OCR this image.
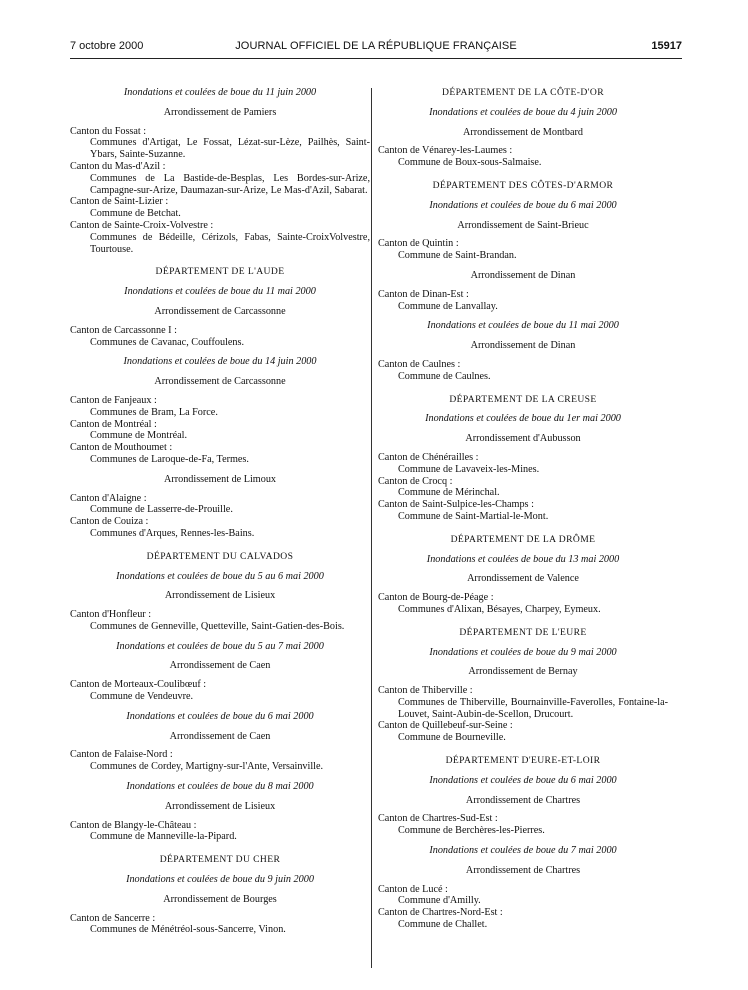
7 octobre 2000	JOURNAL OFFICIEL DE LA RÉPUBLIQUE FRANÇAISE	15917
Inondations et coulées de boue du 11 juin 2000
Arrondissement de Pamiers
Canton du Fossat :
Communes d'Artigat, Le Fossat, Lézat-sur-Lèze, Pailhès, Saint-Ybars, Sainte-Suzanne.
Canton du Mas-d'Azil :
Communes de La Bastide-de-Besplas, Les Bordes-sur-Arize, Campagne-sur-Arize, Daumazan-sur-Arize, Le Mas-d'Azil, Sabarat.
Canton de Saint-Lizier :
Commune de Betchat.
Canton de Sainte-Croix-Volvestre :
Communes de Bédeille, Cérizols, Fabas, Sainte-CroixVolvestre, Tourtouse.
DÉPARTEMENT DE L'AUDE
Inondations et coulées de boue du 11 mai 2000
Arrondissement de Carcassonne
Canton de Carcassonne I :
Communes de Cavanac, Couffoulens.
Inondations et coulées de boue du 14 juin 2000
Arrondissement de Carcassonne
Canton de Fanjeaux :
Communes de Bram, La Force.
Canton de Montréal :
Commune de Montréal.
Canton de Mouthoumet :
Communes de Laroque-de-Fa, Termes.
Arrondissement de Limoux
Canton d'Alaigne :
Commune de Lasserre-de-Prouille.
Canton de Couiza :
Communes d'Arques, Rennes-les-Bains.
DÉPARTEMENT DU CALVADOS
Inondations et coulées de boue du 5 au 6 mai 2000
Arrondissement de Lisieux
Canton d'Honfleur :
Communes de Genneville, Quetteville, Saint-Gatien-des-Bois.
Inondations et coulées de boue du 5 au 7 mai 2000
Arrondissement de Caen
Canton de Morteaux-Coulibœuf :
Commune de Vendeuvre.
Inondations et coulées de boue du 6 mai 2000
Arrondissement de Caen
Canton de Falaise-Nord :
Communes de Cordey, Martigny-sur-l'Ante, Versainville.
Inondations et coulées de boue du 8 mai 2000
Arrondissement de Lisieux
Canton de Blangy-le-Château :
Commune de Manneville-la-Pipard.
DÉPARTEMENT DU CHER
Inondations et coulées de boue du 9 juin 2000
Arrondissement de Bourges
Canton de Sancerre :
Communes de Ménétréol-sous-Sancerre, Vinon.
DÉPARTEMENT DE LA CÔTE-D'OR
Inondations et coulées de boue du 4 juin 2000
Arrondissement de Montbard
Canton de Vénarey-les-Laumes :
Commune de Boux-sous-Salmaise.
DÉPARTEMENT DES CÔTES-D'ARMOR
Inondations et coulées de boue du 6 mai 2000
Arrondissement de Saint-Brieuc
Canton de Quintin :
Commune de Saint-Brandan.
Arrondissement de Dinan
Canton de Dinan-Est :
Commune de Lanvallay.
Inondations et coulées de boue du 11 mai 2000
Arrondissement de Dinan
Canton de Caulnes :
Commune de Caulnes.
DÉPARTEMENT DE LA CREUSE
Inondations et coulées de boue du 1er mai 2000
Arrondissement d'Aubusson
Canton de Chénérailles :
Commune de Lavaveix-les-Mines.
Canton de Crocq :
Commune de Mérinchal.
Canton de Saint-Sulpice-les-Champs :
Commune de Saint-Martial-le-Mont.
DÉPARTEMENT DE LA DRÔME
Inondations et coulées de boue du 13 mai 2000
Arrondissement de Valence
Canton de Bourg-de-Péage :
Communes d'Alixan, Bésayes, Charpey, Eymeux.
DÉPARTEMENT DE L'EURE
Inondations et coulées de boue du 9 mai 2000
Arrondissement de Bernay
Canton de Thiberville :
Communes de Thiberville, Bournainville-Faverolles, Fontaine-la-Louvet, Saint-Aubin-de-Scellon, Drucourt.
Canton de Quillebeuf-sur-Seine :
Commune de Bourneville.
DÉPARTEMENT D'EURE-ET-LOIR
Inondations et coulées de boue du 6 mai 2000
Arrondissement de Chartres
Canton de Chartres-Sud-Est :
Commune de Berchères-les-Pierres.
Inondations et coulées de boue du 7 mai 2000
Arrondissement de Chartres
Canton de Lucé :
Commune d'Amilly.
Canton de Chartres-Nord-Est :
Commune de Challet.
